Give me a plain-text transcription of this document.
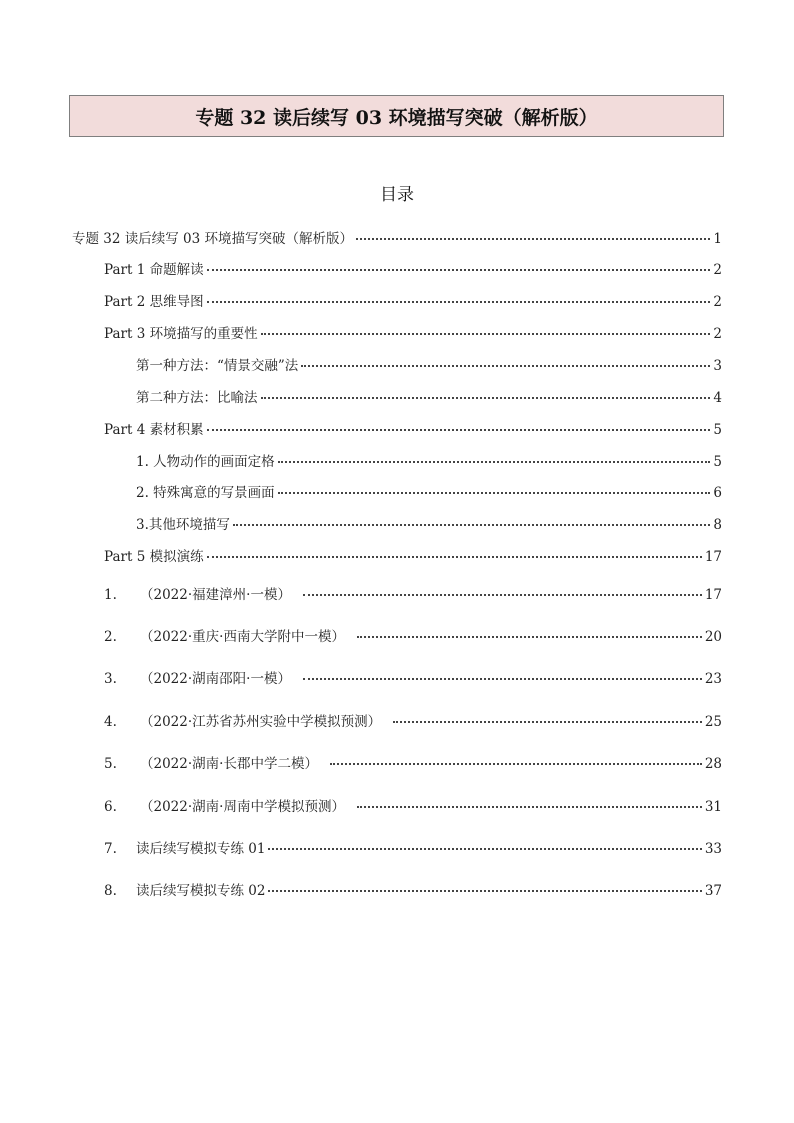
专题 32 读后续写 03 环境描写突破（解析版）
目录
专题 32 读后续写 03 环境描写突破（解析版）	1
Part 1 命题解读	2
Part 2 思维导图	2
Part 3 环境描写的重要性	2
第一种方法：“情景交融”法	3
第二种方法：比喻法	4
Part 4 素材积累	5
1. 人物动作的画面定格	5
2. 特殊寓意的写景画面	6
3.其他环境描写	8
Part 5 模拟演练	17
1.	（2022·福建漳州·一模）	17
2.	（2022·重庆·西南大学附中一模）	20
3.	（2022·湖南邵阳·一模）	23
4.	（2022·江苏省苏州实验中学模拟预测）	25
5.	（2022·湖南·长郡中学二模）	28
6.	（2022·湖南·周南中学模拟预测）	31
7.	读后续写模拟专练 01	33
8.	读后续写模拟专练 02	37
